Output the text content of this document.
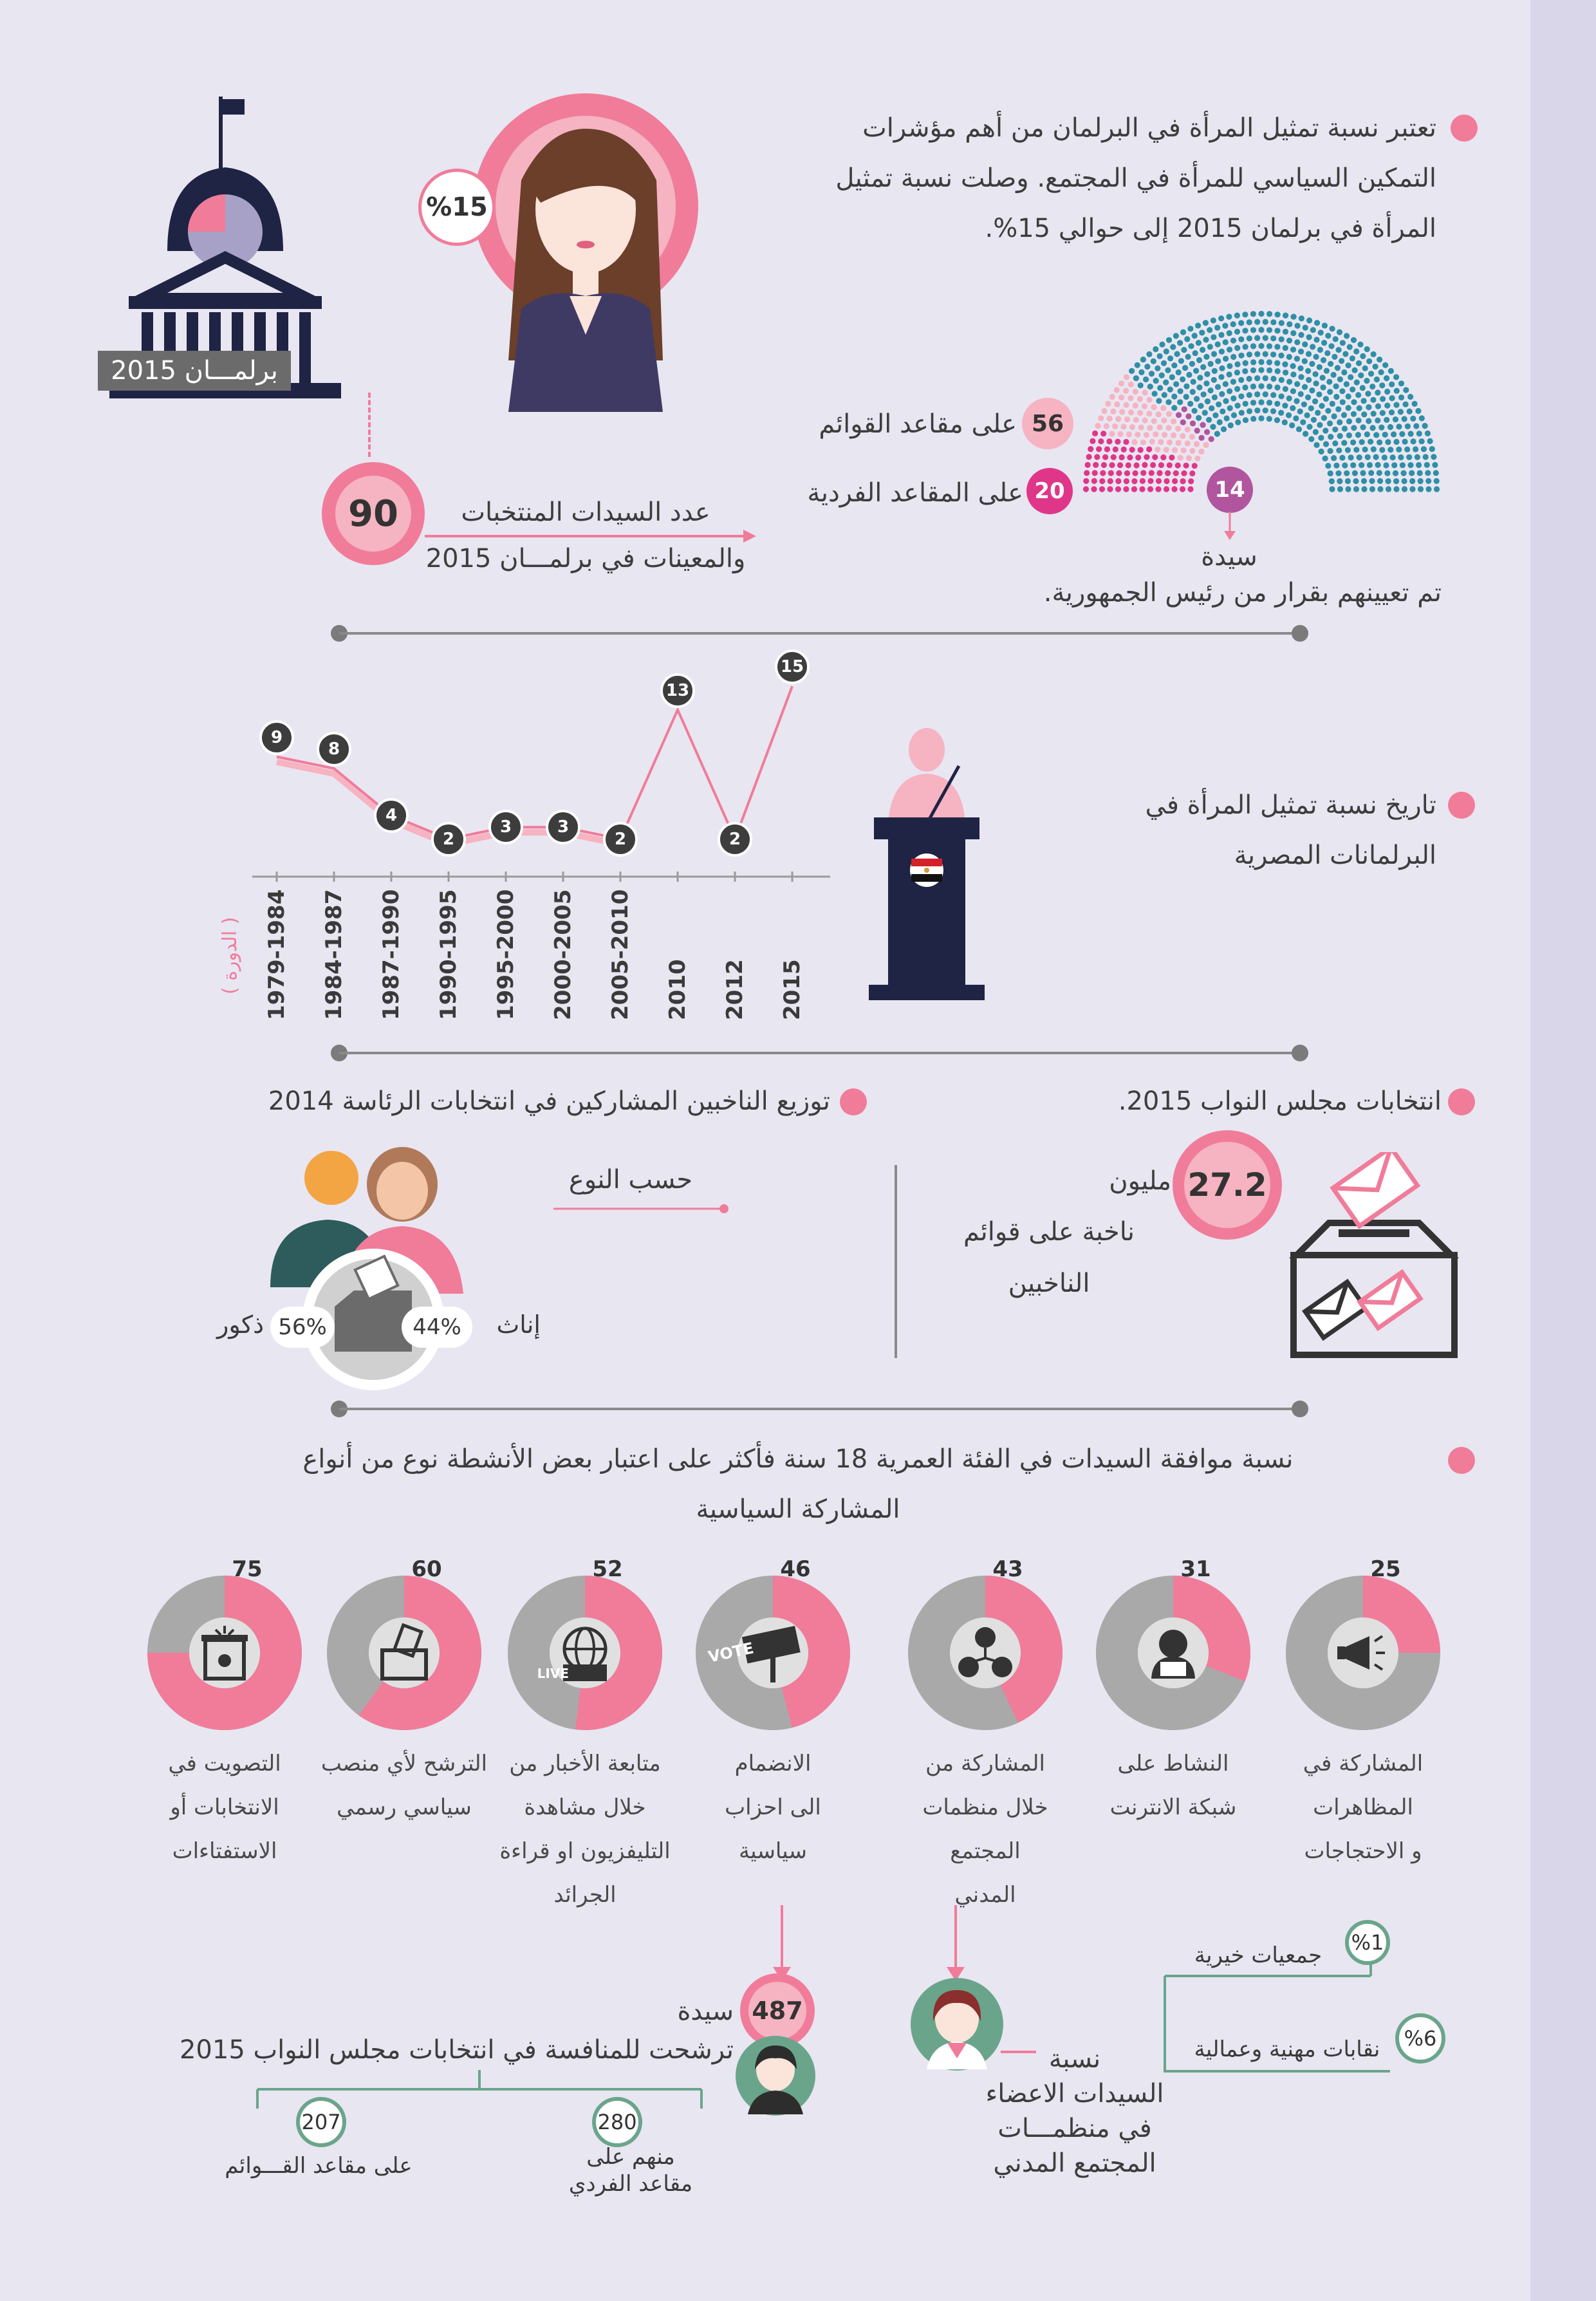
تعتبر نسبة تمثيل المرأة في البرلمان من أهم مؤشرات
التمكين السياسي للمرأة في المجتمع. وصلت نسبة تمثيل
المرأة في برلمان 2015 إلى حوالي 15%.
%15
برلمـــان 2015
90	عدد السيدات المنتخبات
والمعينات في برلمـــان 2015
56
على مقاعد القوائم
20
على المقاعد الفردية	14
سيدة
تم تعيينهم بقرار من رئيس الجمهورية.
تاريخ نسبة تمثيل المرأة في
البرلمانات المصرية
1979-1984 1984-1987 1987-1990 1990-1995 1995-2000 2000-2005 2005-2010 2010 2012 2015
9
8
4
2
3	3
2
13
2
15
( الدورة )
انتخابات مجلس النواب 2015.
27.2
مليون
ناخبة على قوائم
الناخبين
توزيع الناخبين المشاركين في انتخابات الرئاسة 2014
حسب النوع
44%	إناث
56%
ذكور
نسبة موافقة السيدات في الفئة العمرية 18 سنة فأكثر على اعتبار بعض الأنشطة نوع من أنواع
المشاركة السياسية
25
المشاركة في
المظاهرات
و الاحتجاجات
31
النشاط على
شبكة الانترنت
43
المشاركة من
خلال منظمات
المجتمع
المدني
VOTE
46
الانضمام
الى احزاب
سياسية
LIVE
52
متابعة الأخبار من
خلال مشاهدة
التليفزيون او قراءة
الجرائد
60
الترشح لأي منصب
سياسي رسمي
75
التصويت في
الانتخابات أو
الاستفتاءات
487
سيدة
ترشحت للمنافسة في انتخابات مجلس النواب 2015
207
على مقاعد القـــوائم
280
منهم على
مقاعد الفردي
نسبة
السيدات الاعضاء
في منظمـــات
المجتمع المدني
%1
جمعيات خيرية
%6
نقابات مهنية وعمالية
